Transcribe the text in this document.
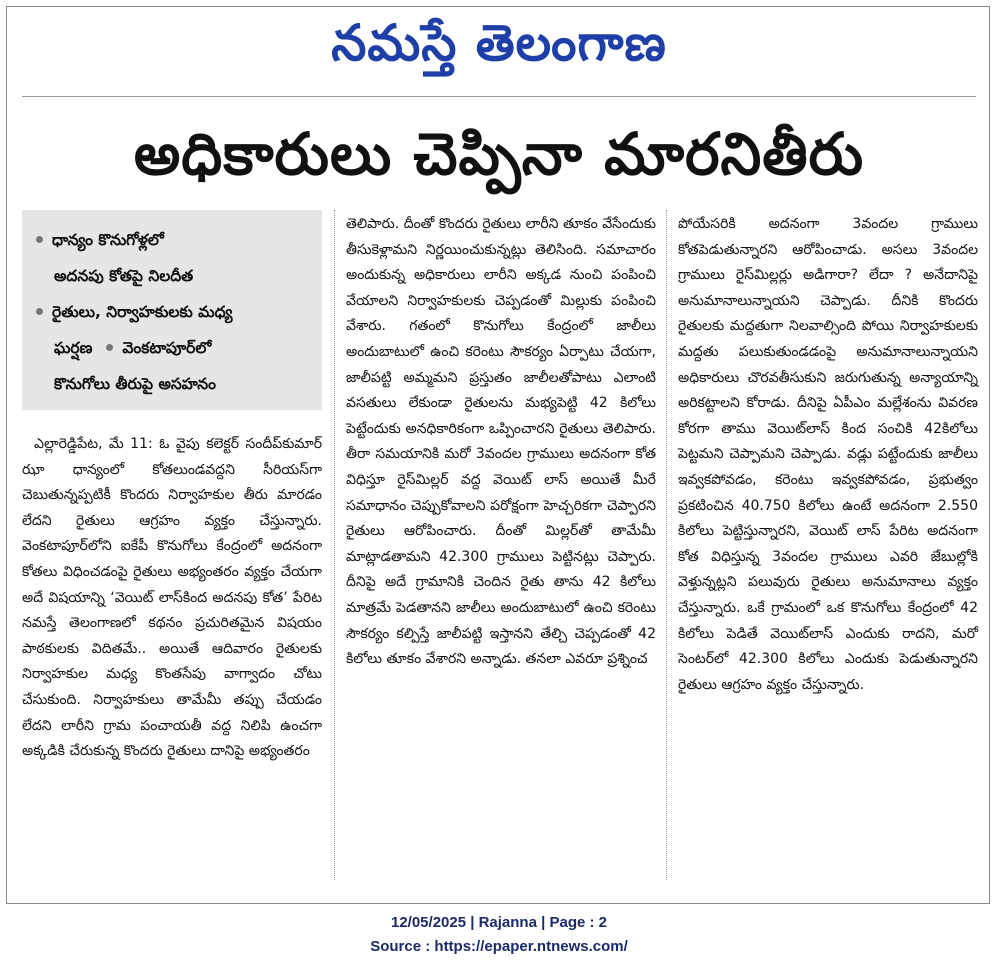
నమస్తే తెలంగాణ
అధికారులు చెప్పినా మారనితీరు
ధాన్యం కొనుగోళ్లలో
అదనపు కోతపై నిలదీత
రైతులు, నిర్వాహకులకు మధ్య
ఘర్షణ వెంకటాపూర్‌లో
కొనుగోలు తీరుపై అసహనం

ఎల్లారెడ్డిపేట, మే 11: ఓ వైపు కలెక్టర్ సందీప్‌కుమార్ ఝా ధాన్యంలో కోతలుండవద్దని సీరియస్‌గా చెబుతున్నప్పటికీ కొందరు నిర్వాహకుల తీరు మారడం లేదని రైతులు ఆగ్రహం వ్యక్తం చేస్తున్నారు. వెంకటాపూర్‌లోని ఐకేపీ కొనుగోలు కేంద్రంలో అదనంగా కోతలు విధించడంపై రైతులు అభ్యంతరం వ్యక్తం చేయగా అదే విషయాన్ని ‘వెయిట్ లాస్‌కింద అదనపు కోత’ పేరిట నమస్తే తెలంగాణలో కథనం ప్రచురితమైన విషయం పాఠకులకు విదితమే.. అయితే ఆదివారం రైతులకు నిర్వాహకుల మధ్య కొంతసేపు వాగ్వాదం చోటు చేసుకుంది. నిర్వాహకులు తామేమీ తప్పు చేయడం లేదని లారీని గ్రామ పంచాయతీ వద్ద నిలిపి ఉంచగా అక్కడికి చేరుకున్న కొందరు రైతులు దానిపై అభ్యంతరం

తెలిపారు. దీంతో కొందరు రైతులు లారీని తూకం వేసేందుకు తీసుకెళ్లామని నిర్ణయించుకున్నట్లు తెలిసింది. సమాచారం అందుకున్న అధికారులు లారీని అక్కడ నుంచి పంపించి వేయాలని నిర్వాహకులకు చెప్పడంతో మిల్లుకు పంపించి వేశారు. గతంలో కొనుగోలు కేంద్రంలో జాలీలు అందుబాటులో ఉంచి కరెంటు సౌకర్యం ఏర్పాటు చేయగా, జాలీపట్టి అమ్మమని ప్రస్తుతం జాలీలతోపాటు ఎలాంటి వసతులు లేకుండా రైతులను మభ్యపెట్టి 42 కిలోలు పెట్టేందుకు అనధికారికంగా ఒప్పించారని రైతులు తెలిపారు. తీరా సమయానికి మరో 3వందల గ్రాములు అదనంగా కోత విధిస్తూ రైస్‌మిల్లర్ వద్ద వెయిట్ లాస్ అయితే మీరే సమాధానం చెప్పుకోవాలని పరోక్షంగా హెచ్చరికగా చెప్పారని రైతులు ఆరోపించారు. దీంతో మిల్లర్‌తో తామేమీ మాట్లాడతామని 42.300 గ్రాములు పెట్టినట్లు చెప్పారు. దీనిపై అదే గ్రామానికి చెందిన రైతు తాను 42 కిలోలు మాత్రమే పెడతానని జాలీలు అందుబాటులో ఉంచి కరెంటు సౌకర్యం కల్పిస్తే జాలీపట్టి ఇస్తానని తేల్చి చెప్పడంతో 42 కిలోలు తూకం వేశారని అన్నాడు. తనలా ఎవరూ ప్రశ్నించ

పోయేసరికి అదనంగా 3వందల గ్రాములు కోతపెడుతున్నారని ఆరోపించాడు. అసలు 3వందల గ్రాములు రైస్‌మిల్లర్లు అడిగారా? లేదా ? అనేదానిపై అనుమానాలున్నాయని చెప్పాడు. దీనికి కొందరు రైతులకు మద్దతుగా నిలవాల్సింది పోయి నిర్వాహకులకు మద్దతు పలుకుతుండడంపై అనుమానాలున్నాయని అధికారులు చొరవతీసుకుని జరుగుతున్న అన్యాయాన్ని అరికట్టాలని కోరాడు. దీనిపై ఏపీఎం మల్లేశంను వివరణ కోరగా తాము వెయిట్‌లాస్ కింద సంచికి 42కిలోలు పెట్టమని చెప్పామని చెప్పాడు. వడ్లు పట్టేందుకు జాలీలు ఇవ్వకపోవడం, కరెంటు ఇవ్వకపోవడం, ప్రభుత్వం ప్రకటించిన 40.750 కిలోలు ఉంటే అదనంగా 2.550 కిలోలు పెట్టిస్తున్నారని, వెయిట్ లాస్ పేరిట అదనంగా కోత విధిస్తున్న 3వందల గ్రాములు ఎవరి జేబుల్లోకి వెళ్తున్నట్లని పలువురు రైతులు అనుమానాలు వ్యక్తం చేస్తున్నారు. ఒకే గ్రామంలో ఒక కొనుగోలు కేంద్రంలో 42 కిలోలు పెడితే వెయిట్‌లాస్ ఎందుకు రాదని, మరో సెంటర్‌లో 42.300 కిలోలు ఎందుకు పెడుతున్నారని రైతులు ఆగ్రహం వ్యక్తం చేస్తున్నారు.

12/05/2025 | Rajanna | Page : 2
Source : https://epaper.ntnews.com/
